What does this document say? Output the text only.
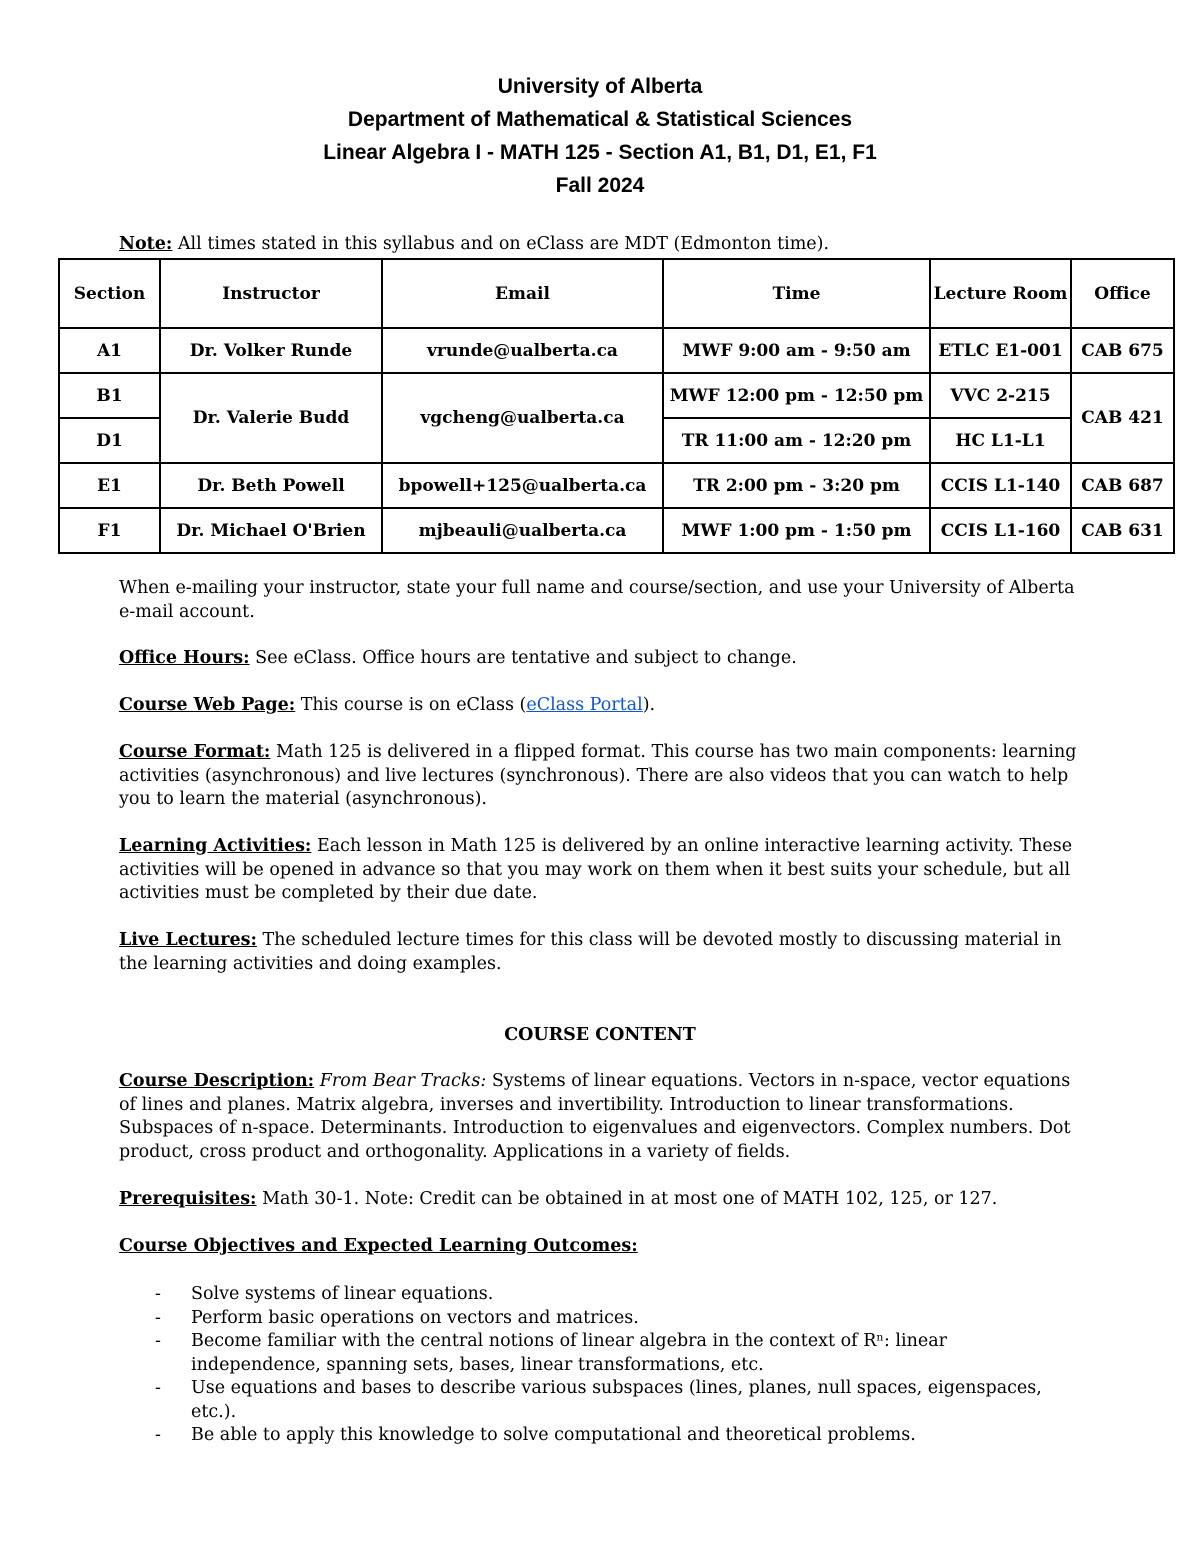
University of Alberta
Department of Mathematical & Statistical Sciences
Linear Algebra I - MATH 125 - Section A1, B1, D1, E1, F1
Fall 2024
Note: All times stated in this syllabus and on eClass are MDT (Edmonton time).
Section	Instructor	Email	Time	Lecture Room	Office
A1	Dr. Volker Runde	vrunde@ualberta.ca	MWF 9:00 am - 9:50 am	ETLC E1-001	CAB 675
B1	Dr. Valerie Budd	vgcheng@ualberta.ca	MWF 12:00 pm - 12:50 pm	VVC 2-215	CAB 421
D1			TR 11:00 am - 12:20 pm	HC L1-L1	
E1	Dr. Beth Powell	bpowell+125@ualberta.ca	TR 2:00 pm - 3:20 pm	CCIS L1-140	CAB 687
F1	Dr. Michael O'Brien	mjbeauli@ualberta.ca	MWF 1:00 pm - 1:50 pm	CCIS L1-160	CAB 631

When e-mailing your instructor, state your full name and course/section, and use your University of Alberta e-mail account.

Office Hours: See eClass. Office hours are tentative and subject to change.

Course Web Page: This course is on eClass (eClass Portal).

Course Format: Math 125 is delivered in a flipped format. This course has two main components: learning activities (asynchronous) and live lectures (synchronous). There are also videos that you can watch to help you to learn the material (asynchronous).

Learning Activities: Each lesson in Math 125 is delivered by an online interactive learning activity. These activities will be opened in advance so that you may work on them when it best suits your schedule, but all activities must be completed by their due date.

Live Lectures: The scheduled lecture times for this class will be devoted mostly to discussing material in the learning activities and doing examples.

COURSE CONTENT

Course Description: From Bear Tracks: Systems of linear equations. Vectors in n-space, vector equations of lines and planes. Matrix algebra, inverses and invertibility. Introduction to linear transformations. Subspaces of n-space. Determinants. Introduction to eigenvalues and eigenvectors. Complex numbers. Dot product, cross product and orthogonality. Applications in a variety of fields.

Prerequisites: Math 30-1. Note: Credit can be obtained in at most one of MATH 102, 125, or 127.

Course Objectives and Expected Learning Outcomes:

- Solve systems of linear equations.
- Perform basic operations on vectors and matrices.
- Become familiar with the central notions of linear algebra in the context of Rⁿ: linear independence, spanning sets, bases, linear transformations, etc.
- Use equations and bases to describe various subspaces (lines, planes, null spaces, eigenspaces, etc.).
- Be able to apply this knowledge to solve computational and theoretical problems.
